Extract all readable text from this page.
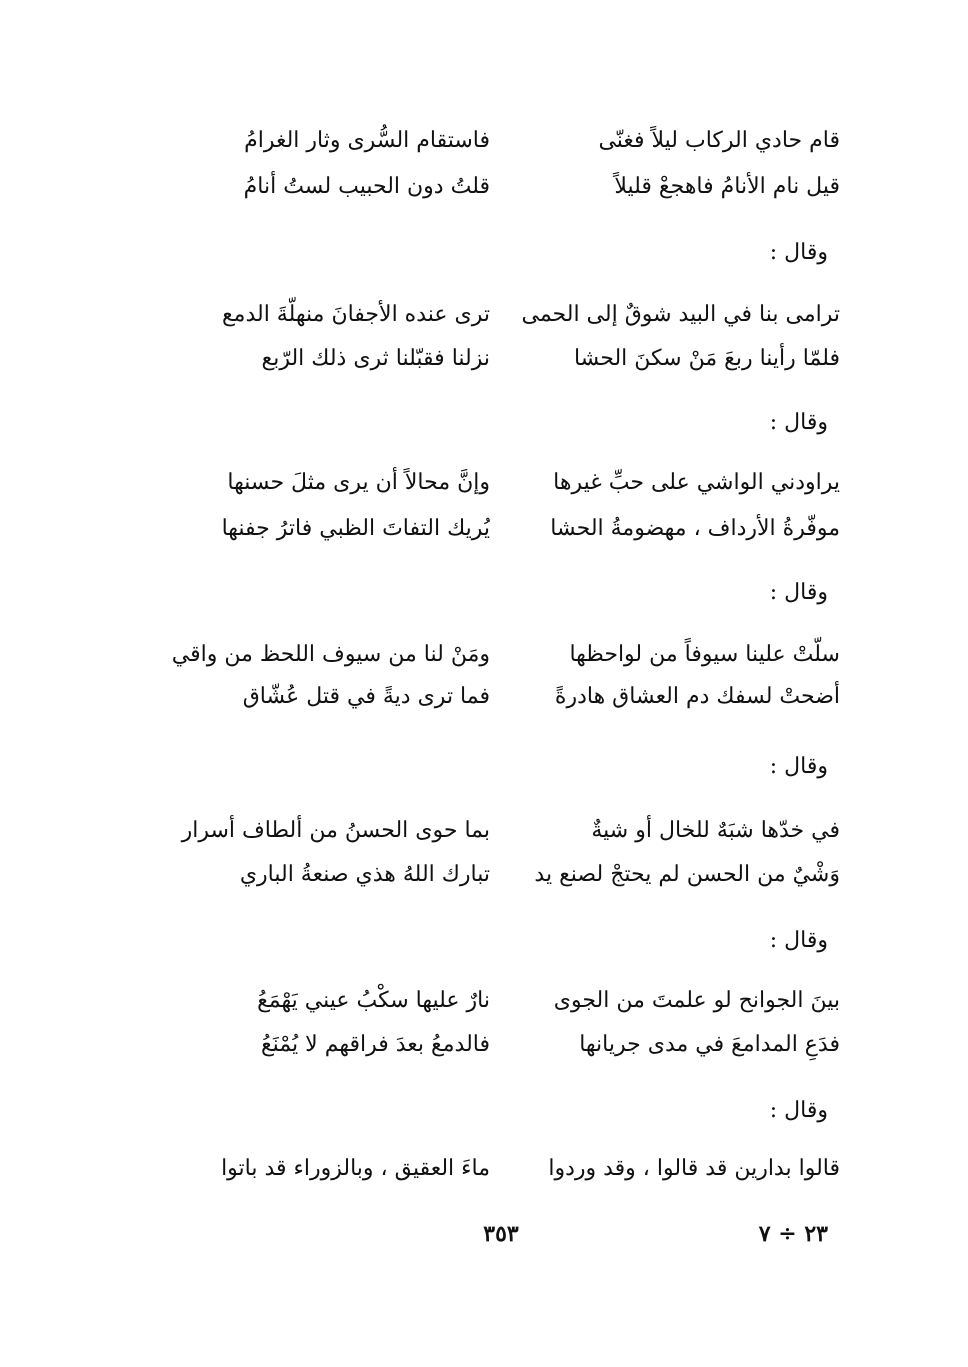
قام حادي الركاب ليلاً فغنّى
فاستقام السُّرى وثار الغرامُ
قيل نام الأنامُ فاهجعْ قليلاً
قلتُ دون الحبيب لستُ أنامُ
وقال :
ترامى بنا في البيد شوقٌ إلى الحمى
ترى عنده الأجفانَ منهلّةَ الدمع
فلمّا رأينا ربعَ مَنْ سكنَ الحشا
نزلنا فقبّلنا ثرى ذلك الرّبع
وقال :
يراودني الواشي على حبِّ غيرها
وإنَّ محالاً أن يرى مثلَ حسنها
موفّرةُ الأرداف ، مهضومةُ الحشا
يُريك التفاتَ الظبي فاترُ جفنها
وقال :
سلّتْ علينا سيوفاً من لواحظها
ومَنْ لنا من سيوف اللحظ من واقي
أضحتْ لسفك دم العشاق هادرةً
فما ترى ديةً في قتل عُشّاق
وقال :
في خدّها شبَهٌ للخال أو شيةٌ
بما حوى الحسنُ من ألطاف أسرار
وَشْيٌ من الحسن لم يحتجْ لصنع يد
تبارك اللهُ هذي صنعةُ الباري
وقال :
بينَ الجوانح لو علمتَ من الجوى
نارٌ عليها سكْبُ عيني يَهْمَعُ
فدَعِ المدامعَ في مدى جريانها
فالدمعُ بعدَ فراقهم لا يُمْنَعُ
وقال :
قالوا بدارين قد قالوا ، وقد وردوا
ماءَ العقيق ، وبالزوراء قد باتوا
٣٥٣	٢٣ ÷ ٧
